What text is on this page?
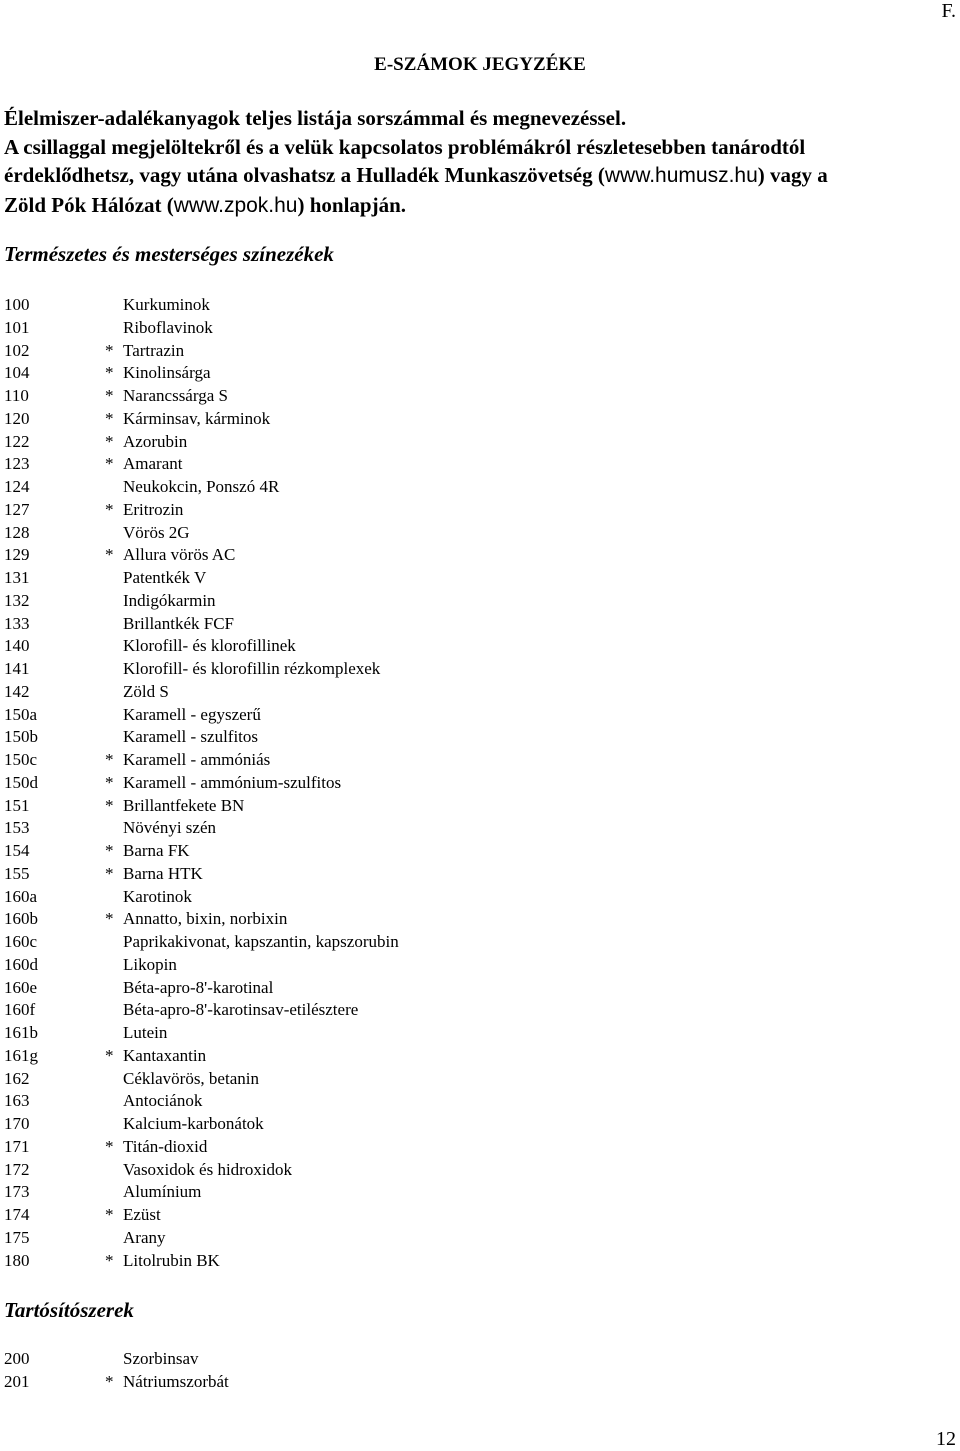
F.
E-SZÁMOK JEGYZÉKE
Élelmiszer-adalékanyagok teljes listája sorszámmal és megnevezéssel.
A csillaggal megjelöltekről és a velük kapcsolatos problémákról részletesebben tanárodtól
érdeklődhetsz, vagy utána olvashatsz a Hulladék Munkaszövetség (www.humusz.hu) vagy a
Zöld Pók Hálózat (www.zpok.hu) honlapján.
Természetes és mesterséges színezékek
100	Kurkuminok
101	Riboflavinok
102	* Tartrazin
104	* Kinolinsárga
110	* Narancssárga S
120	* Kárminsav, kárminok
122	* Azorubin
123	* Amarant
124	Neukokcin, Ponszó 4R
127	* Eritrozin
128	Vörös 2G
129	* Allura vörös AC
131	Patentkék V
132	Indigókarmin
133	Brillantkék FCF
140	Klorofill- és klorofillinek
141	Klorofill- és klorofillin rézkomplexek
142	Zöld S
150a	Karamell - egyszerű
150b	Karamell - szulfitos
150c	* Karamell - ammóniás
150d	* Karamell - ammónium-szulfitos
151	* Brillantfekete BN
153	Növényi szén
154	* Barna FK
155	* Barna HTK
160a	Karotinok
160b	* Annatto, bixin, norbixin
160c	Paprikakivonat, kapszantin, kapszorubin
160d	Likopin
160e	Béta-apro-8'-karotinal
160f	Béta-apro-8'-karotinsav-etilésztere
161b	Lutein
161g	* Kantaxantin
162	Céklavörös, betanin
163	Antociánok
170	Kalcium-karbonátok
171	* Titán-dioxid
172	Vasoxidok és hidroxidok
173	Alumínium
174	* Ezüst
175	Arany
180	* Litolrubin BK
Tartósítószerek
200	Szorbinsav
201	* Nátriumszorbát
12
